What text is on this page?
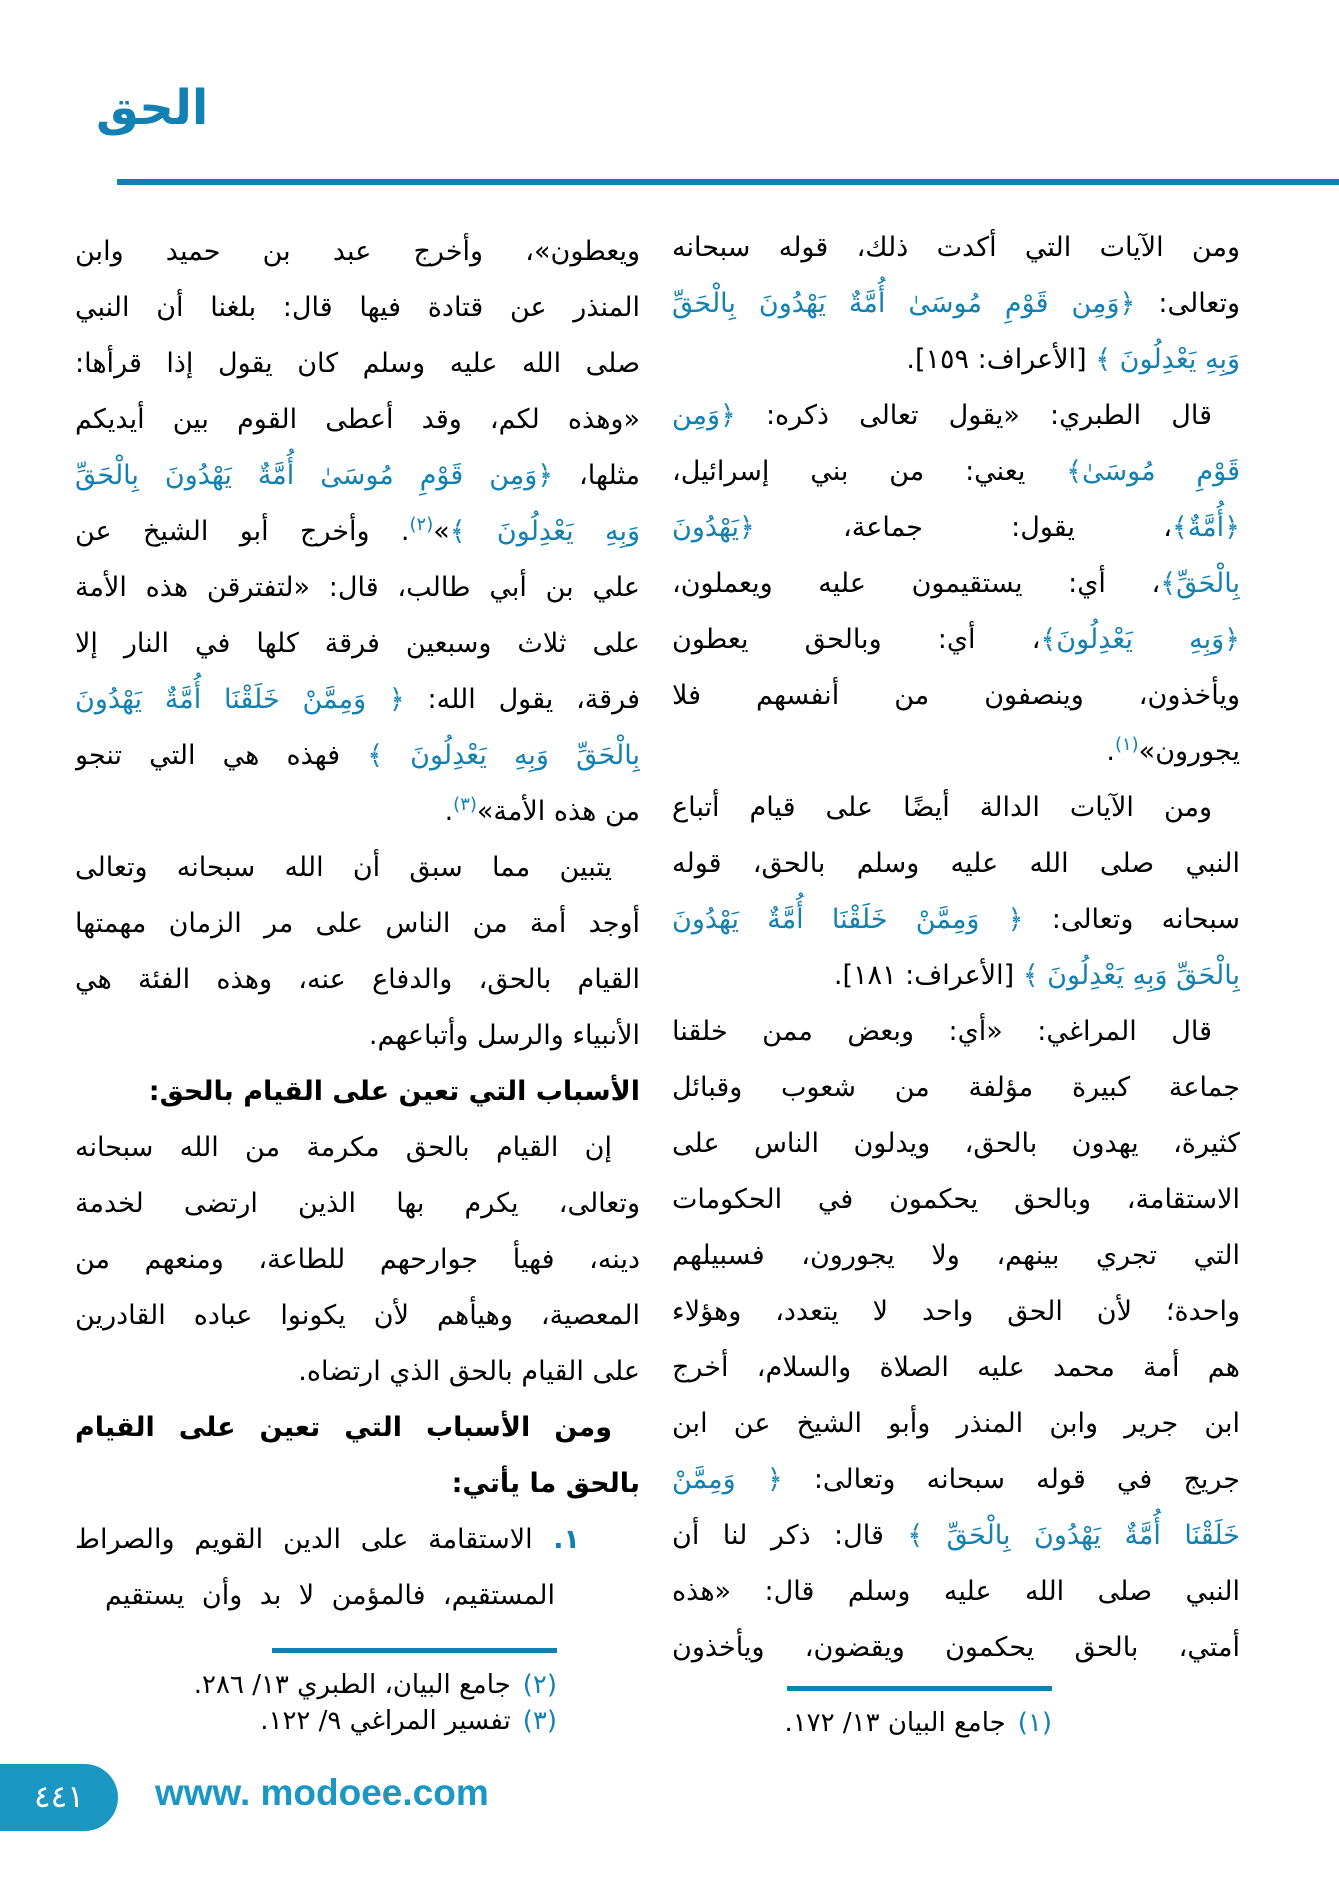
الحق
ومن الآيات التي أكدت ذلك، قوله سبحانه
وتعالى: ﴿وَمِن قَوْمِ مُوسَىٰ أُمَّةٌ يَهْدُونَ بِالْحَقِّ
وَبِهِ يَعْدِلُونَ ﴾ [الأعراف: ١٥٩].
قال الطبري: «يقول تعالى ذكره: ﴿وَمِن
قَوْمِ مُوسَىٰ﴾ يعني: من بني إسرائيل،
﴿أُمَّةٌ﴾، يقول: جماعة، ﴿يَهْدُونَ
بِالْحَقِّ﴾، أي: يستقيمون عليه ويعملون،
﴿وَبِهِ يَعْدِلُونَ﴾، أي: وبالحق يعطون
ويأخذون، وينصفون من أنفسهم فلا
يجورون»$^{(١)}$.
ومن الآيات الدالة أيضًا على قيام أتباع
النبي صلى الله عليه وسلم بالحق، قوله
سبحانه وتعالى: ﴿ وَمِمَّنْ خَلَقْنَا أُمَّةٌ يَهْدُونَ
بِالْحَقِّ وَبِهِ يَعْدِلُونَ ﴾ [الأعراف: ١٨١].
قال المراغي: «أي: وبعض ممن خلقنا
جماعة كبيرة مؤلفة من شعوب وقبائل
كثيرة، يهدون بالحق، ويدلون الناس على
الاستقامة، وبالحق يحكمون في الحكومات
التي تجري بينهم، ولا يجورون، فسبيلهم
واحدة؛ لأن الحق واحد لا يتعدد، وهؤلاء
هم أمة محمد عليه الصلاة والسلام، أخرج
ابن جرير وابن المنذر وأبو الشيخ عن ابن
جريج في قوله سبحانه وتعالى: ﴿ وَمِمَّنْ
خَلَقْنَا أُمَّةٌ يَهْدُونَ بِالْحَقِّ ﴾ قال: ذكر لنا أن
النبي صلى الله عليه وسلم قال: «هذه
أمتي، بالحق يحكمون ويقضون، ويأخذون
ويعطون»، وأخرج عبد بن حميد وابن
المنذر عن قتادة فيها قال: بلغنا أن النبي
صلى الله عليه وسلم كان يقول إذا قرأها:
«وهذه لكم، وقد أعطى القوم بين أيديكم
مثلها، ﴿وَمِن قَوْمِ مُوسَىٰ أُمَّةٌ يَهْدُونَ بِالْحَقِّ
وَبِهِ يَعْدِلُونَ ﴾»$^{(٢)}$. وأخرج أبو الشيخ عن
علي بن أبي طالب، قال: «لتفترقن هذه الأمة
على ثلاث وسبعين فرقة كلها في النار إلا
فرقة، يقول الله: ﴿ وَمِمَّنْ خَلَقْنَا أُمَّةٌ يَهْدُونَ
بِالْحَقِّ وَبِهِ يَعْدِلُونَ ﴾ فهذه هي التي تنجو
من هذه الأمة»$^{(٣)}$.
يتبين مما سبق أن الله سبحانه وتعالى
أوجد أمة من الناس على مر الزمان مهمتها
القيام بالحق، والدفاع عنه، وهذه الفئة هي
الأنبياء والرسل وأتباعهم.
الأسباب التي تعين على القيام بالحق:
إن القيام بالحق مكرمة من الله سبحانه
وتعالى، يكرم بها الذين ارتضى لخدمة
دينه، فهيأ جوارحهم للطاعة، ومنعهم من
المعصية، وهيأهم لأن يكونوا عباده القادرين
على القيام بالحق الذي ارتضاه.
ومن الأسباب التي تعين على القيام
بالحق ما يأتي:
١. الاستقامة على الدين القويم والصراط
المستقيم، فالمؤمن لا بد وأن يستقيم
(١)جامع البيان ١٣/ ١٧٢.
(٢)جامع البيان، الطبري ١٣/ ٢٨٦.
(٣)تفسير المراغي ٩/ ١٢٢.
٤٤١	www. modoee.com
